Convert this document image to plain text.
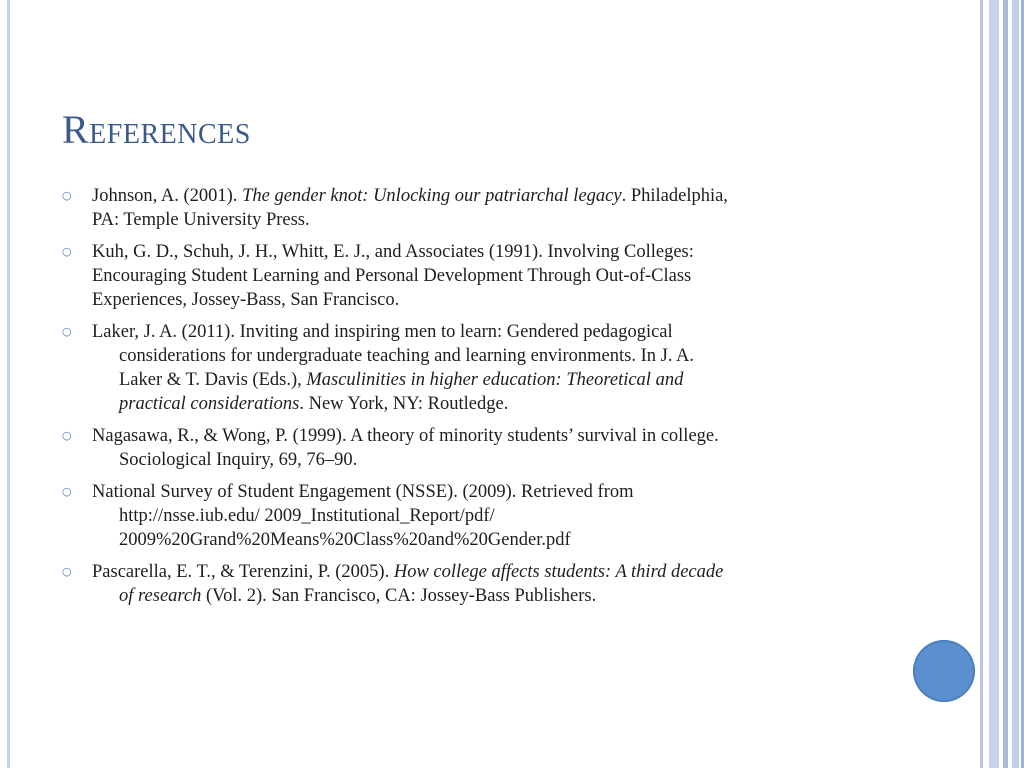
References
○ Johnson, A. (2001). The gender knot: Unlocking our patriarchal legacy. Philadelphia,
PA: Temple University Press.
○ Kuh, G. D., Schuh, J. H., Whitt, E. J., and Associates (1991). Involving Colleges:
Encouraging Student Learning and Personal Development Through Out-of-Class
Experiences, Jossey-Bass, San Francisco.
○ Laker, J. A. (2011). Inviting and inspiring men to learn: Gendered pedagogical
considerations for undergraduate teaching and learning environments. In J. A.
Laker & T. Davis (Eds.), Masculinities in higher education: Theoretical and
practical considerations. New York, NY: Routledge.
○ Nagasawa, R., & Wong, P. (1999). A theory of minority students’ survival in college.
Sociological Inquiry, 69, 76–90.
○ National Survey of Student Engagement (NSSE). (2009). Retrieved from
http://nsse.iub.edu/ 2009_Institutional_Report/pdf/
2009%20Grand%20Means%20Class%20and%20Gender.pdf
○ Pascarella, E. T., & Terenzini, P. (2005). How college affects students: A third decade
of research (Vol. 2). San Francisco, CA: Jossey-Bass Publishers.
